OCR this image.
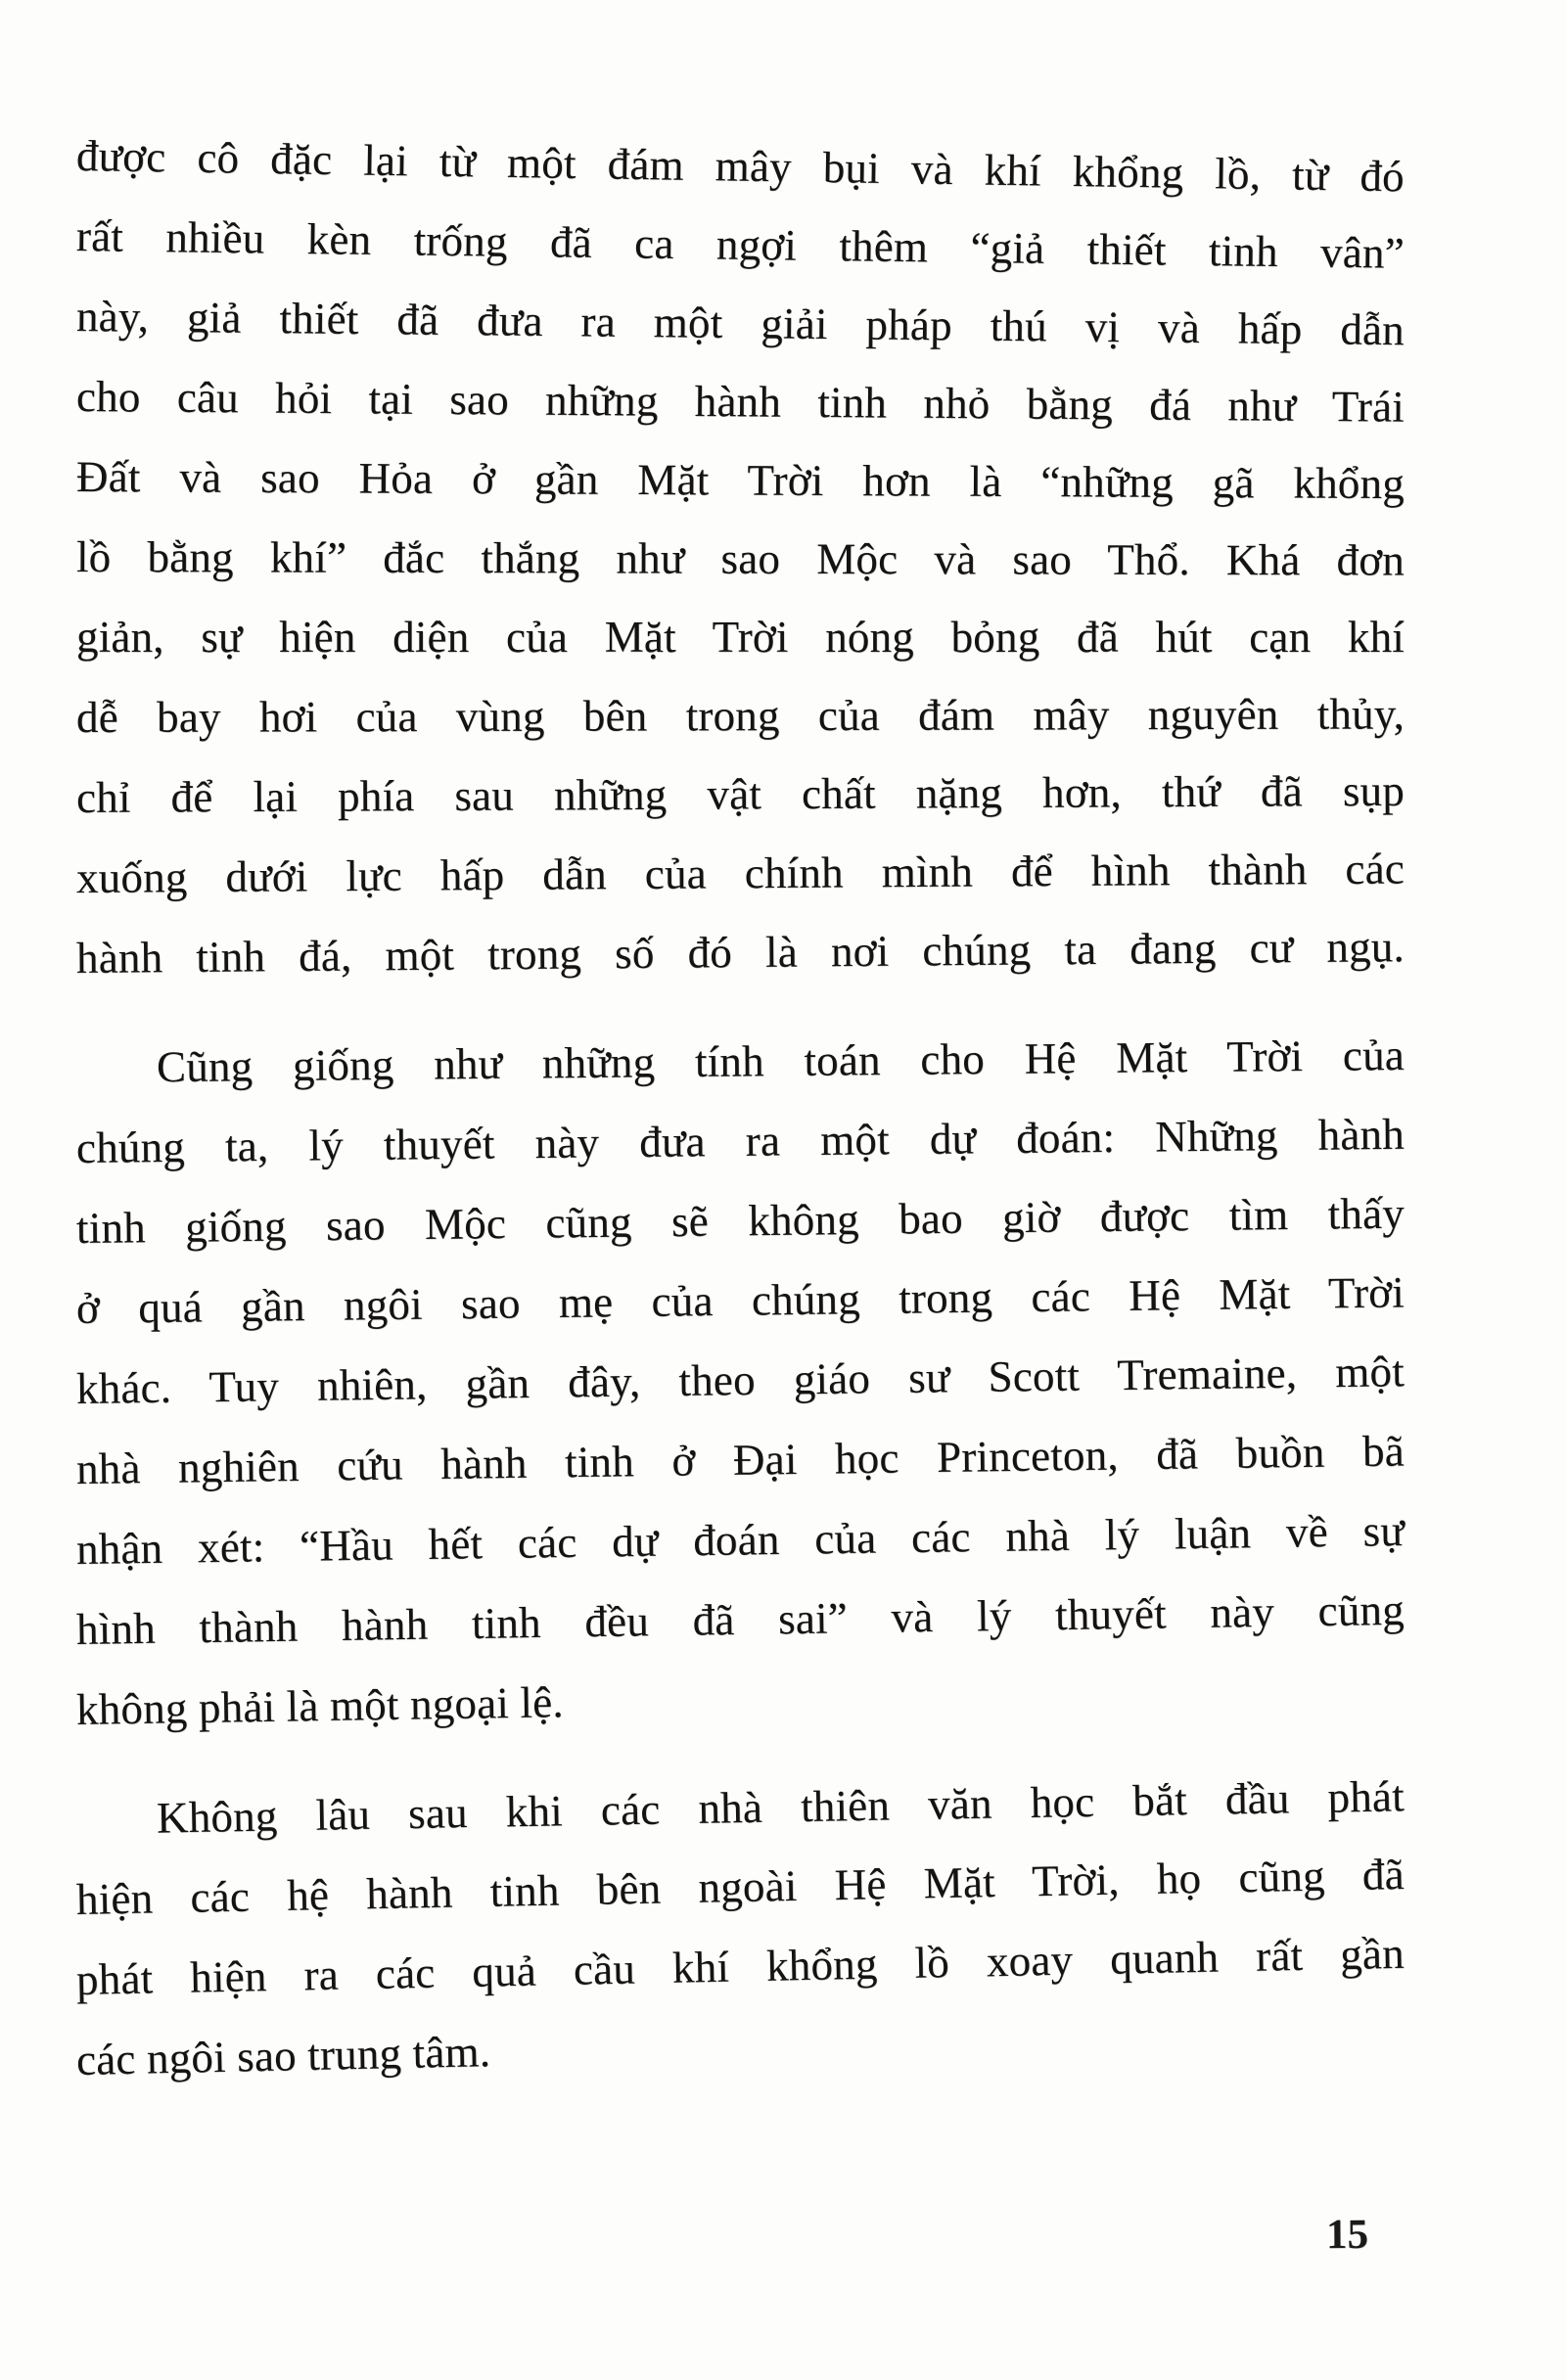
được cô đặc lại từ một đám mây bụi và khí khổng lồ, từ đó
rất nhiều kèn trống đã ca ngợi thêm “giả thiết tinh vân”
này, giả thiết đã đưa ra một giải pháp thú vị và hấp dẫn
cho câu hỏi tại sao những hành tinh nhỏ bằng đá như Trái
Đất và sao Hỏa ở gần Mặt Trời hơn là “những gã khổng
lồ bằng khí” đắc thắng như sao Mộc và sao Thổ. Khá đơn
giản, sự hiện diện của Mặt Trời nóng bỏng đã hút cạn khí
dễ bay hơi của vùng bên trong của đám mây nguyên thủy,
chỉ để lại phía sau những vật chất nặng hơn, thứ đã sụp
xuống dưới lực hấp dẫn của chính mình để hình thành các
hành tinh đá, một trong số đó là nơi chúng ta đang cư ngụ.
Cũng giống như những tính toán cho Hệ Mặt Trời của
chúng ta, lý thuyết này đưa ra một dự đoán: Những hành
tinh giống sao Mộc cũng sẽ không bao giờ được tìm thấy
ở quá gần ngôi sao mẹ của chúng trong các Hệ Mặt Trời
khác. Tuy nhiên, gần đây, theo giáo sư Scott Tremaine, một
nhà nghiên cứu hành tinh ở Đại học Princeton, đã buồn bã
nhận xét: “Hầu hết các dự đoán của các nhà lý luận về sự
hình thành hành tinh đều đã sai” và lý thuyết này cũng
không phải là một ngoại lệ.
Không lâu sau khi các nhà thiên văn học bắt đầu phát
hiện các hệ hành tinh bên ngoài Hệ Mặt Trời, họ cũng đã
phát hiện ra các quả cầu khí khổng lồ xoay quanh rất gần
các ngôi sao trung tâm.
15
